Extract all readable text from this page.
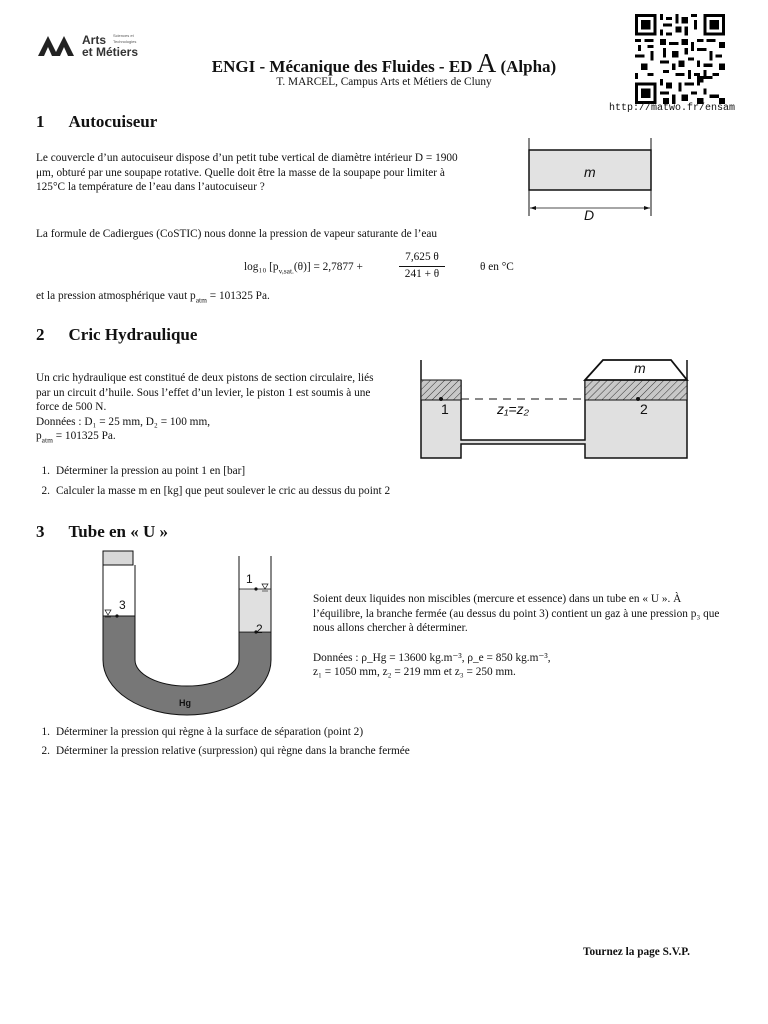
Arts Sciences et
Technologies
et Métiers
ENGI - Mécanique des Fluides - ED A (Alpha)
T. MARCEL, Campus Arts et Métiers de Cluny
http://matwo.fr/ensam
1 Autocuiseur
Le couvercle d’un autocuiseur dispose d’un petit tube vertical de diamètre intérieur D = 1900 μm, obturé par une soupape rotative. Quelle doit être la masse de la soupape pour limiter à 125°C la température de l’eau dans l’autocuiseur ?
La formule de Cadiergues (CoSTIC) nous donne la pression de vapeur saturante de l’eau
log₁₀ $[p_{v,sat.}(\theta)] = 2,7877$ +
7,625 θ
241 + θ
θ en °C
et la pression atmosphérique vaut $p_{atm} = 101325$ Pa.
m
D
2 Cric Hydraulique
Un cric hydraulique est constitué de deux pistons de section circulaire, liés par un circuit d’huile. Sous l’effet d’un levier, le piston 1 est soumis à une force de 500 N.
Données : D₁ = 25 mm, D₂ = 100 mm,
$p_{atm} = 101325$ Pa.
m
1	2
z₁=z₂
1. Déterminer la pression au point 1 en [bar]
2. Calculer la masse m en [kg] que peut soulever le cric au dessus du point 2
3 Tube en « U »
1
2
3
Hg
Soient deux liquides non miscibles (mercure et essence) dans un tube en « U ». À l’équilibre, la branche fermée (au dessus du point 3) contient un gaz à une pression p₃ que nous allons chercher à déterminer.
Données : ρ_Hg = 13600 kg.m⁻³, ρ_e = 850 kg.m⁻³,
z₁ = 1050 mm, z₂ = 219 mm et z₃ = 250 mm.
1. Déterminer la pression qui règne à la surface de séparation (point 2)
2. Déterminer la pression relative (surpression) qui règne dans la branche fermée
Tournez la page S.V.P.
